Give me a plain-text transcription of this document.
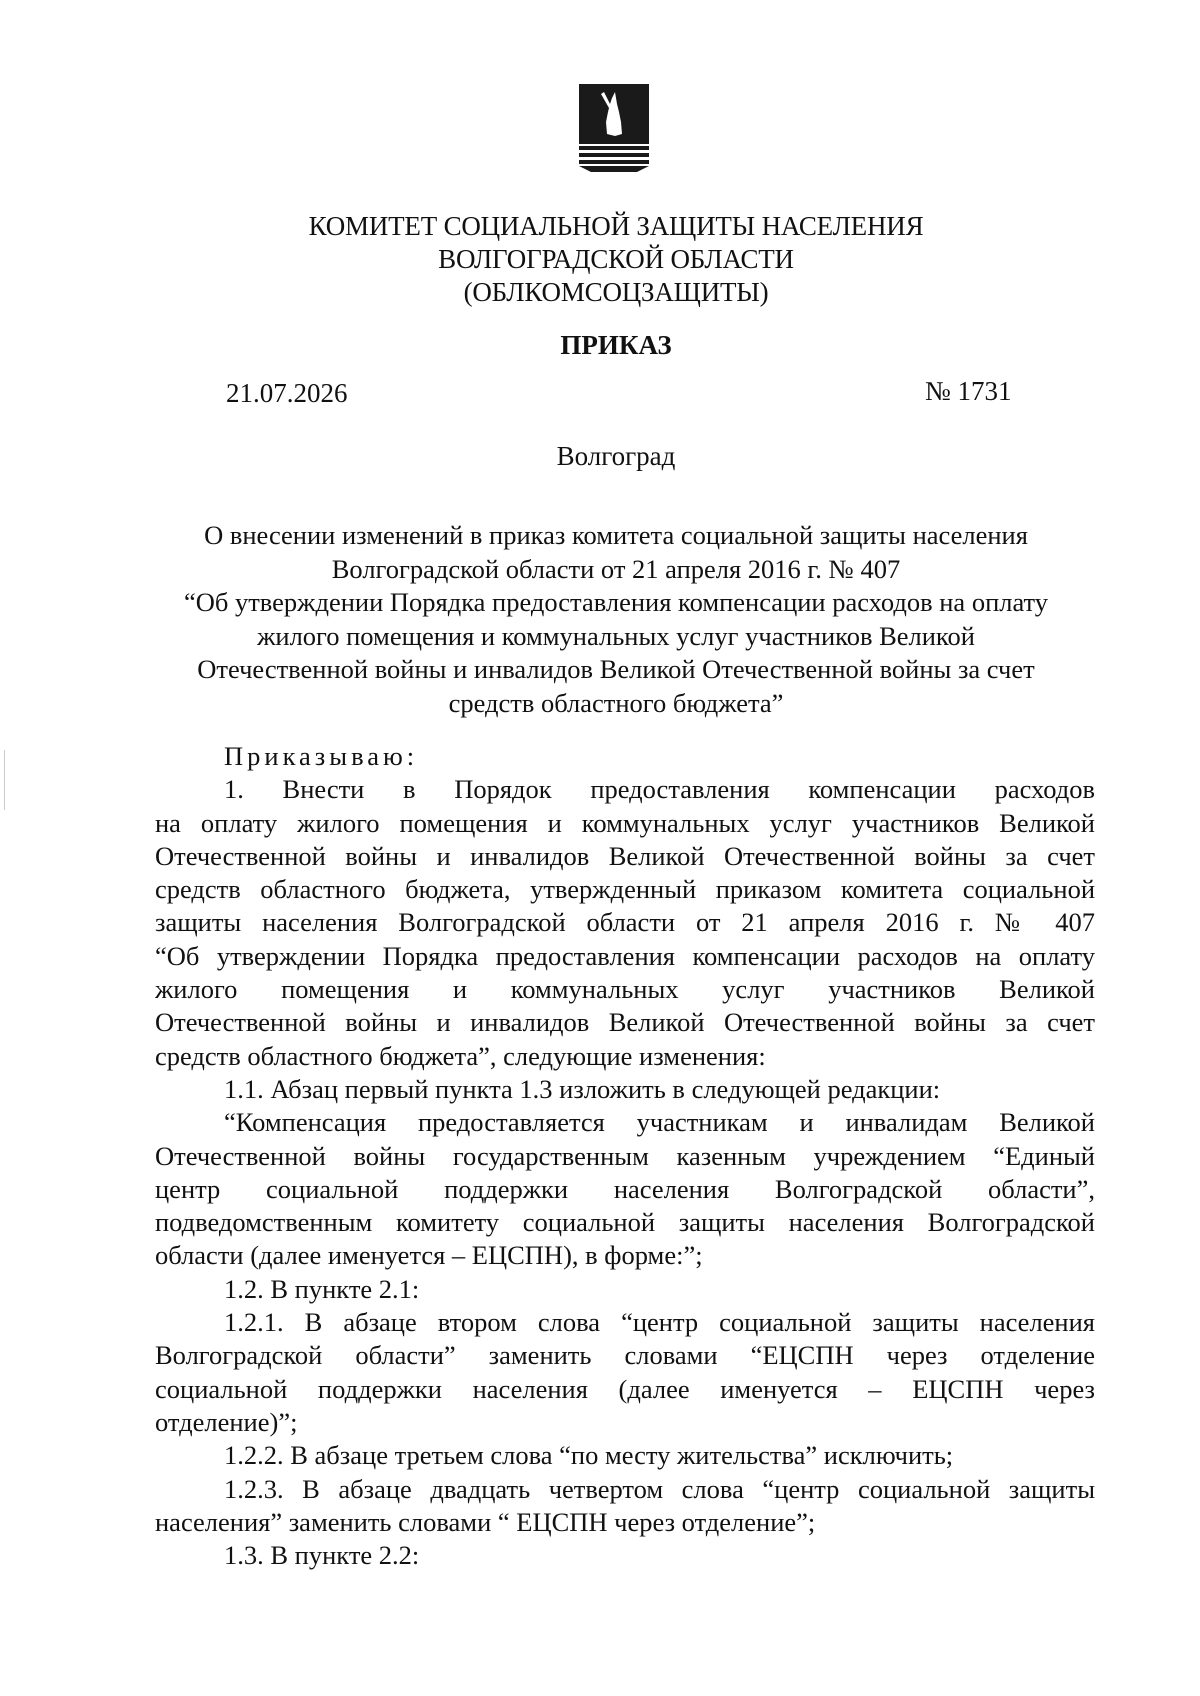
КОМИТЕТ СОЦИАЛЬНОЙ ЗАЩИТЫ НАСЕЛЕНИЯ
ВОЛГОГРАДСКОЙ ОБЛАСТИ
(ОБЛКОМСОЦЗАЩИТЫ)
ПРИКАЗ
21.07.2026	№ 1731
Волгоград
О внесении изменений в приказ комитета социальной защиты населения
Волгоградской области от 21 апреля 2016 г. № 407
“Об утверждении Порядка предоставления компенсации расходов на оплату
жилого помещения и коммунальных услуг участников Великой
Отечественной войны и инвалидов Великой Отечественной войны за счет
средств областного бюджета”
Приказываю:
1. Внести в Порядок предоставления компенсации расходов
на оплату жилого помещения и коммунальных услуг участников Великой
Отечественной войны и инвалидов Великой Отечественной войны за счет
средств областного бюджета, утвержденный приказом комитета социальной
защиты населения Волгоградской области от 21 апреля 2016 г. № 407
“Об утверждении Порядка предоставления компенсации расходов на оплату
жилого помещения и коммунальных услуг участников Великой
Отечественной войны и инвалидов Великой Отечественной войны за счет
средств областного бюджета”, следующие изменения:
1.1. Абзац первый пункта 1.3 изложить в следующей редакции:
“Компенсация предоставляется участникам и инвалидам Великой
Отечественной войны государственным казенным учреждением “Единый
центр социальной поддержки населения Волгоградской области”,
подведомственным комитету социальной защиты населения Волгоградской
области (далее именуется – ЕЦСПН), в форме:”;
1.2. В пункте 2.1:
1.2.1. В абзаце втором слова “центр социальной защиты населения
Волгоградской области” заменить словами “ЕЦСПН через отделение
социальной поддержки населения (далее именуется – ЕЦСПН через
отделение)”;
1.2.2. В абзаце третьем слова “по месту жительства” исключить;
1.2.3. В абзаце двадцать четвертом слова “центр социальной защиты
населения” заменить словами “ ЕЦСПН через отделение”;
1.3. В пункте 2.2:
